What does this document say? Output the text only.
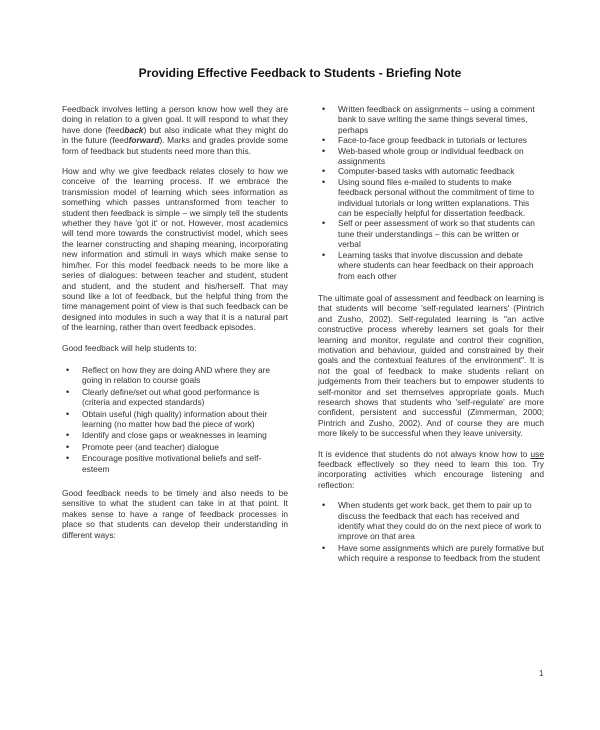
Providing Effective Feedback to Students - Briefing Note

Feedback involves letting a person know how well they are doing in relation to a given goal. It will respond to what they have done (feedback) but also indicate what they might do in the future (feedforward). Marks and grades provide some form of feedback but students need more than this.

How and why we give feedback relates closely to how we conceive of the learning process. If we embrace the transmission model of learning which sees information as something which passes untransformed from teacher to student then feedback is simple – we simply tell the students whether they have 'got it' or not. However, most academics will tend more towards the constructivist model, which sees the learner constructing and shaping meaning, incorporating new information and stimuli in ways which make sense to him/her. For this model feedback needs to be more like a series of dialogues: between teacher and student, student and student, and the student and his/herself. That may sound like a lot of feedback, but the helpful thing from the time management point of view is that such feedback can be designed into modules in such a way that it is a natural part of the learning, rather than overt feedback episodes.

Good feedback will help students to:

• Reflect on how they are doing AND where they are going in relation to course goals
• Clearly define/set out what good performance is (criteria and expected standards)
• Obtain useful (high quality) information about their learning (no matter how bad the piece of work)
• Identify and close gaps or weaknesses in learning
• Promote peer (and teacher) dialogue
• Encourage positive motivational beliefs and self-esteem

Good feedback needs to be timely and also needs to be sensitive to what the student can take in at that point. It makes sense to have a range of feedback processes in place so that students can develop their understanding in different ways:

• Written feedback on assignments – using a comment bank to save writing the same things several times, perhaps
• Face-to-face group feedback in tutorials or lectures
• Web-based whole group or individual feedback on assignments
• Computer-based tasks with automatic feedback
• Using sound files e-mailed to students to make feedback personal without the commitment of time to individual tutorials or long written explanations. This can be especially helpful for dissertation feedback.
• Self or peer assessment of work so that students can tune their understandings – this can be written or verbal
• Learning tasks that involve discussion and debate where students can hear feedback on their approach from each other

The ultimate goal of assessment and feedback on learning is that students will become 'self-regulated learners' (Pintrich and Zusho, 2002). Self-regulated learning is "an active constructive process whereby learners set goals for their learning and monitor, regulate and control their cognition, motivation and behaviour, guided and constrained by their goals and the contextual features of the environment". It is not the goal of feedback to make students reliant on judgements from their teachers but to empower students to self-monitor and set themselves appropriate goals. Much research shows that students who 'self-regulate' are more confident, persistent and successful (Zimmerman, 2000; Pintrich and Zusho, 2002). And of course they are much more likely to be successful when they leave university.

It is evidence that students do not always know how to use feedback effectively so they need to learn this too. Try incorporating activities which encourage listening and reflection:

• When students get work back, get them to pair up to discuss the feedback that each has received and identify what they could do on the next piece of work to improve on that area
• Have some assignments which are purely formative but which require a response to feedback from the student
1
